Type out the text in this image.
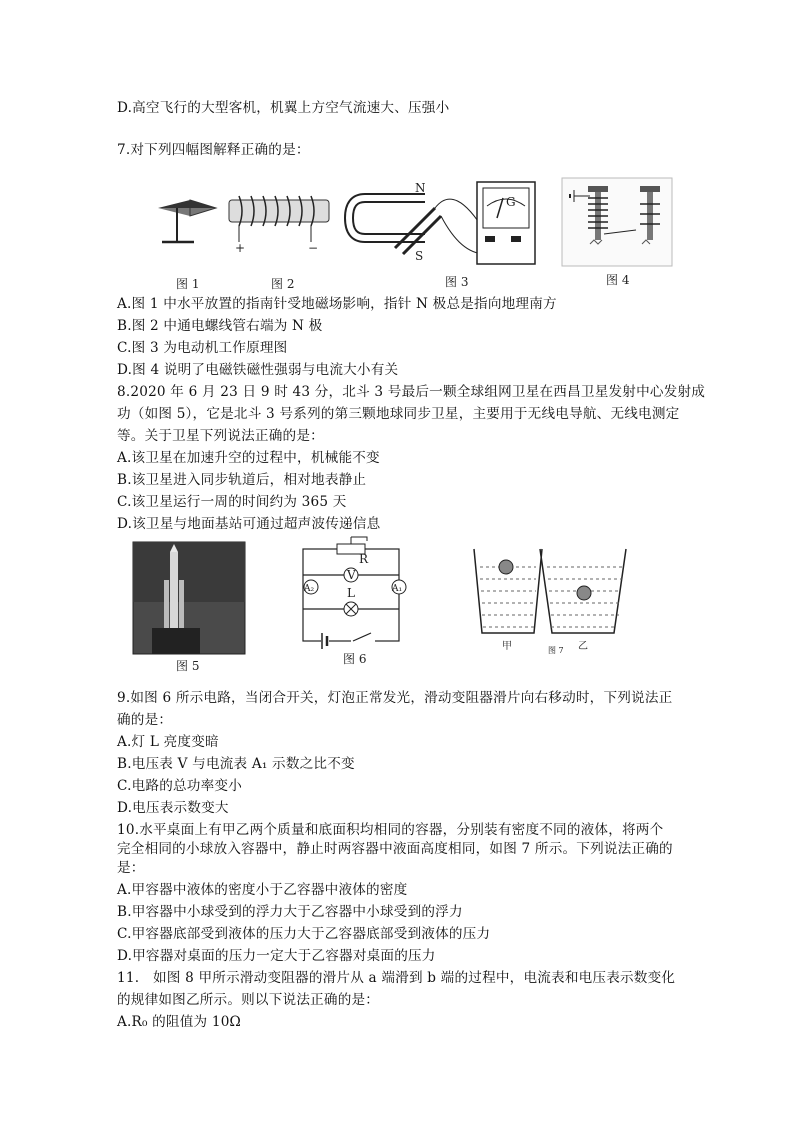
D.高空飞行的大型客机，机翼上方空气流速大、压强小
7.对下列四幅图解释正确的是：
图 1
+	−
图 2
N
S
G
图 3	图 4
A.图 1 中水平放置的指南针受地磁场影响，指针 N 极总是指向地理南方
B.图 2 中通电螺线管右端为 N 极
C.图 3 为电动机工作原理图
D.图 4 说明了电磁铁磁性强弱与电流大小有关
8.2020 年 6 月 23 日 9 时 43 分，北斗 3 号最后一颗全球组网卫星在西昌卫星发射中心发射成
功（如图 5），它是北斗 3 号系列的第三颗地球同步卫星，主要用于无线电导航、无线电测定
等。关于卫星下列说法正确的是：
A.该卫星在加速升空的过程中，机械能不变
B.该卫星进入同步轨道后，相对地表静止
C.该卫星运行一周的时间约为 365 天
D.该卫星与地面基站可通过超声波传递信息
图 5
R
V
A₂	A₁
L
图 6
甲	乙
图 7
9.如图 6 所示电路，当闭合开关，灯泡正常发光，滑动变阻器滑片向右移动时，下列说法正
确的是：
A.灯 L 亮度变暗
B.电压表 V 与电流表 A₁ 示数之比不变
C.电路的总功率变小
D.电压表示数变大
10.水平桌面上有甲乙两个质量和底面积均相同的容器，分别装有密度不同的液体，将两个
完全相同的小球放入容器中，静止时两容器中液面高度相同，如图 7 所示。下列说法正确的
是：
A.甲容器中液体的密度小于乙容器中液体的密度
B.甲容器中小球受到的浮力大于乙容器中小球受到的浮力
C.甲容器底部受到液体的压力大于乙容器底部受到液体的压力
D.甲容器对桌面的压力一定大于乙容器对桌面的压力
11.　如图 8 甲所示滑动变阻器的滑片从 a 端滑到 b 端的过程中，电流表和电压表示数变化
的规律如图乙所示。则以下说法正确的是：
A.R₀ 的阻值为 10Ω
